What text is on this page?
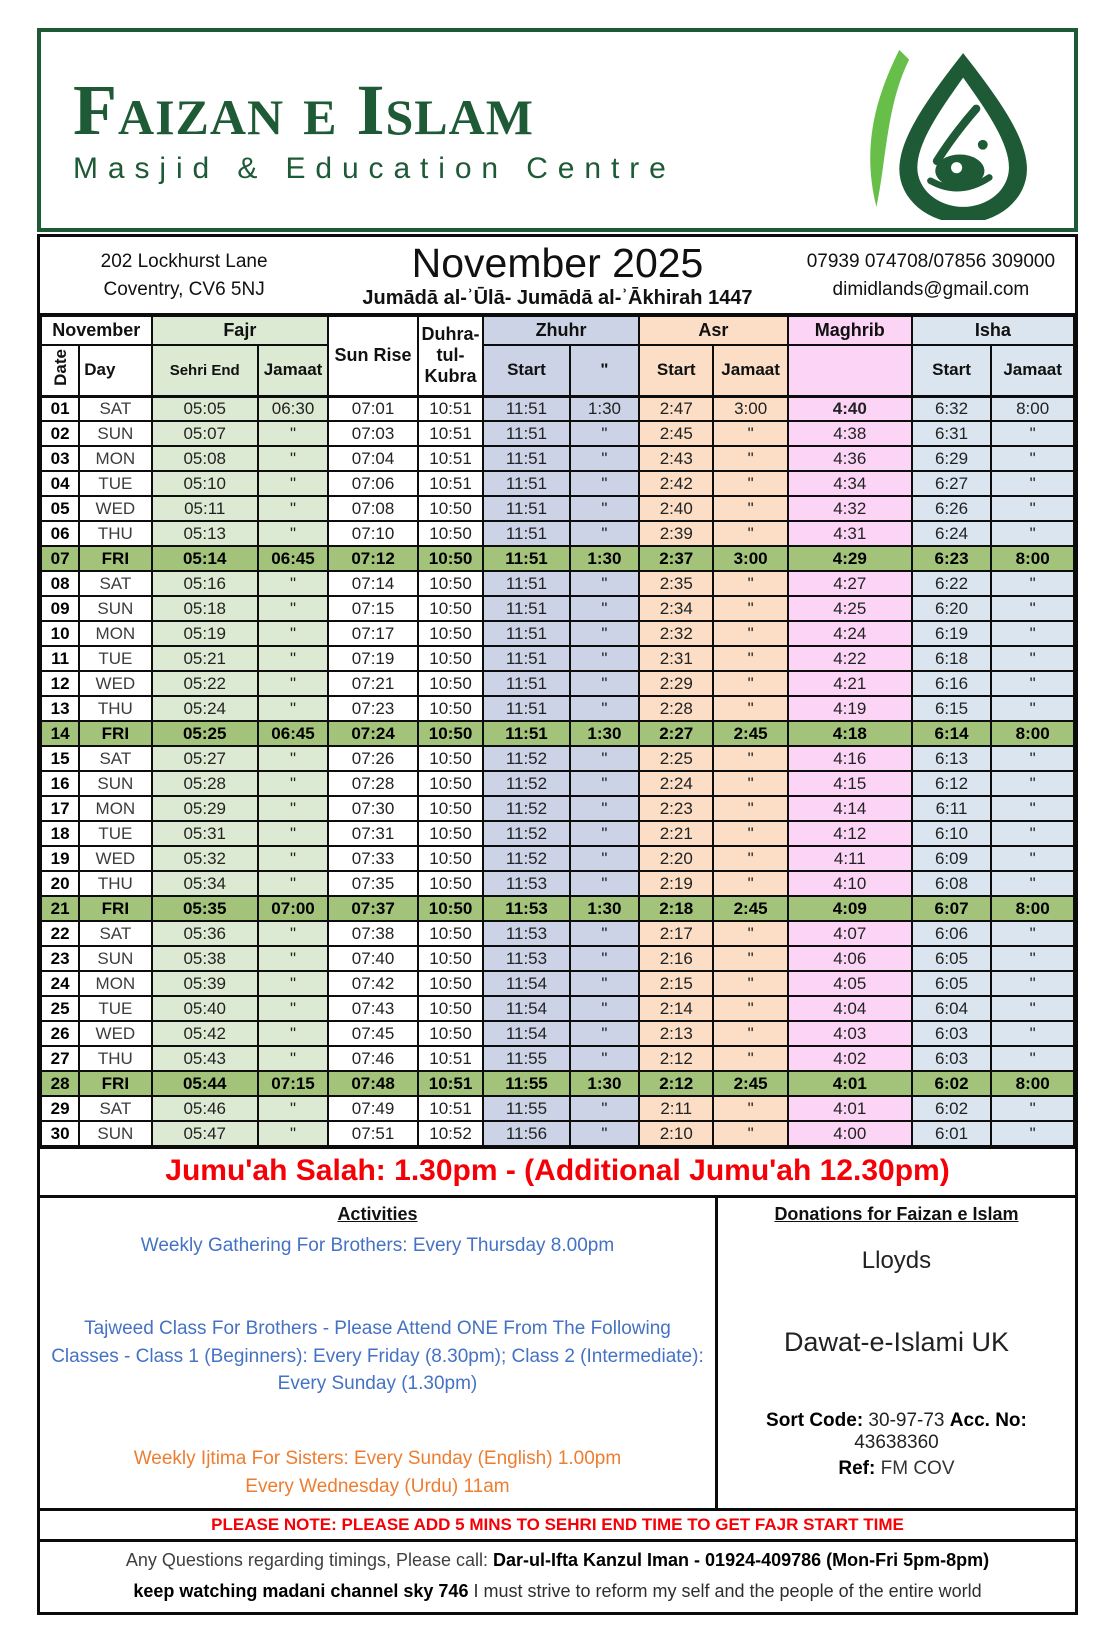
Faizan e Islam
Masjid & Education Centre
202 Lockhurst Lane
Coventry, CV6 5NJ
November 2025
Jumādā al-ʾŪlā- Jumādā al-ʾĀkhirah 1447
07939 074708/07856 309000
dimidlands@gmail.com
November		Fajr		Sun Rise	Duhra-
tul-
Kubra	Zhuhr		Asr		Maghrib	Isha	
Date	Day	Sehri End	Jamaat			Start	"	Start	Jamaat		Start	Jamaat
01	SAT	05:05	06:30	07:01	10:51	11:51	1:30	2:47	3:00	4:40	6:32	8:00
02	SUN	05:07	"	07:03	10:51	11:51	"	2:45	"	4:38	6:31	"
03	MON	05:08	"	07:04	10:51	11:51	"	2:43	"	4:36	6:29	"
04	TUE	05:10	"	07:06	10:51	11:51	"	2:42	"	4:34	6:27	"
05	WED	05:11	"	07:08	10:50	11:51	"	2:40	"	4:32	6:26	"
06	THU	05:13	"	07:10	10:50	11:51	"	2:39	"	4:31	6:24	"
07	FRI	05:14	06:45	07:12	10:50	11:51	1:30	2:37	3:00	4:29	6:23	8:00
08	SAT	05:16	"	07:14	10:50	11:51	"	2:35	"	4:27	6:22	"
09	SUN	05:18	"	07:15	10:50	11:51	"	2:34	"	4:25	6:20	"
10	MON	05:19	"	07:17	10:50	11:51	"	2:32	"	4:24	6:19	"
11	TUE	05:21	"	07:19	10:50	11:51	"	2:31	"	4:22	6:18	"
12	WED	05:22	"	07:21	10:50	11:51	"	2:29	"	4:21	6:16	"
13	THU	05:24	"	07:23	10:50	11:51	"	2:28	"	4:19	6:15	"
14	FRI	05:25	06:45	07:24	10:50	11:51	1:30	2:27	2:45	4:18	6:14	8:00
15	SAT	05:27	"	07:26	10:50	11:52	"	2:25	"	4:16	6:13	"
16	SUN	05:28	"	07:28	10:50	11:52	"	2:24	"	4:15	6:12	"
17	MON	05:29	"	07:30	10:50	11:52	"	2:23	"	4:14	6:11	"
18	TUE	05:31	"	07:31	10:50	11:52	"	2:21	"	4:12	6:10	"
19	WED	05:32	"	07:33	10:50	11:52	"	2:20	"	4:11	6:09	"
20	THU	05:34	"	07:35	10:50	11:53	"	2:19	"	4:10	6:08	"
21	FRI	05:35	07:00	07:37	10:50	11:53	1:30	2:18	2:45	4:09	6:07	8:00
22	SAT	05:36	"	07:38	10:50	11:53	"	2:17	"	4:07	6:06	"
23	SUN	05:38	"	07:40	10:50	11:53	"	2:16	"	4:06	6:05	"
24	MON	05:39	"	07:42	10:50	11:54	"	2:15	"	4:05	6:05	"
25	TUE	05:40	"	07:43	10:50	11:54	"	2:14	"	4:04	6:04	"
26	WED	05:42	"	07:45	10:50	11:54	"	2:13	"	4:03	6:03	"
27	THU	05:43	"	07:46	10:51	11:55	"	2:12	"	4:02	6:03	"
28	FRI	05:44	07:15	07:48	10:51	11:55	1:30	2:12	2:45	4:01	6:02	8:00
29	SAT	05:46	"	07:49	10:51	11:55	"	2:11	"	4:01	6:02	"
30	SUN	05:47	"	07:51	10:52	11:56	"	2:10	"	4:00	6:01	"
Jumu'ah Salah: 1.30pm - (Additional Jumu'ah 12.30pm)
Activities
Weekly Gathering For Brothers: Every Thursday 8.00pm
Tajweed Class For Brothers - Please Attend ONE From The Following Classes - Class 1 (Beginners): Every Friday (8.30pm); Class 2 (Intermediate): Every Sunday (1.30pm)
Weekly Ijtima For Sisters: Every Sunday (English) 1.00pm
Every Wednesday (Urdu) 11am
Donations for Faizan e Islam
Lloyds
Dawat-e-Islami UK
Sort Code: 30-97-73 Acc. No: 43638360
Ref: FM COV
PLEASE NOTE: PLEASE ADD 5 MINS TO SEHRI END TIME TO GET FAJR START TIME
Any Questions regarding timings, Please call: Dar-ul-Ifta Kanzul Iman - 01924-409786 (Mon-Fri 5pm-8pm)
keep watching madani channel sky 746 I must strive to reform my self and the people of the entire world
